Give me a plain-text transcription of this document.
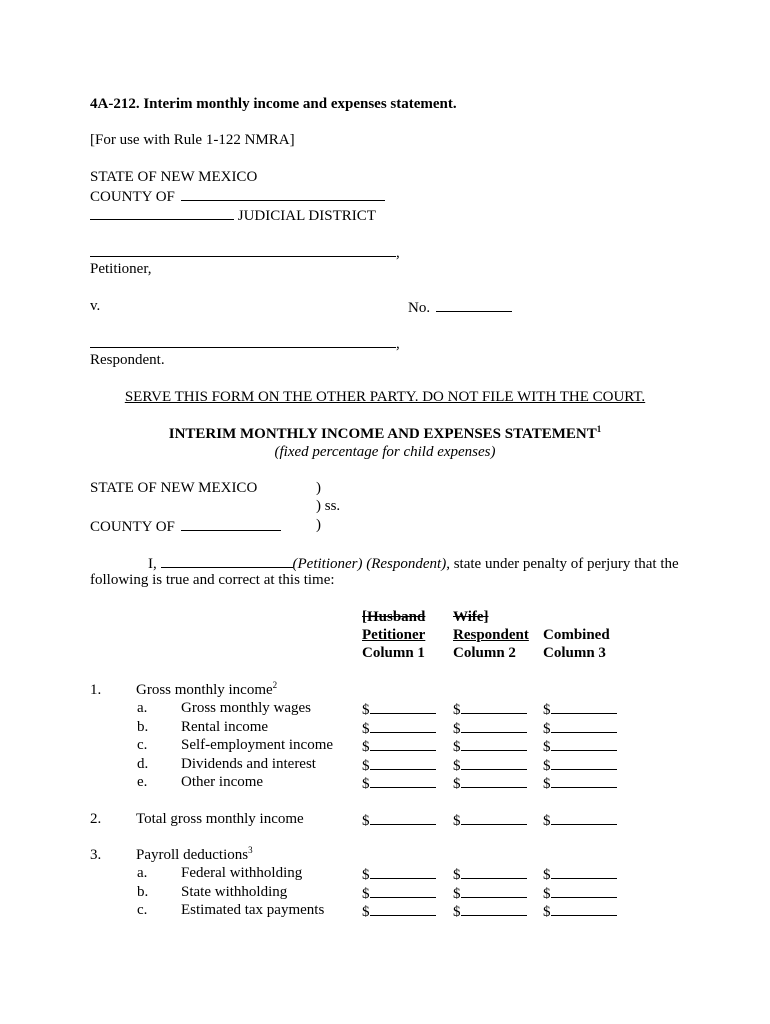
4A-212. Interim monthly income and expenses statement.
[For use with Rule 1-122 NMRA]
STATE OF NEW MEXICO
COUNTY OF
JUDICIAL DISTRICT
,
Petitioner,
v.	No.
,
Respondent.
SERVE THIS FORM ON THE OTHER PARTY. DO NOT FILE WITH THE COURT.
INTERIM MONTHLY INCOME AND EXPENSES STATEMENT$^1$
(fixed percentage for child expenses)
STATE OF NEW MEXICO	)
) ss.
COUNTY OF	)
I,	(Petitioner) (Respondent), state under penalty of perjury that the
following is true and correct at this time:
[Husband Wife]
Petitioner Respondent Combined
Column 1 Column 2 Column 3
1. Gross monthly income$^2$
a. Gross monthly wages	$	$	$
b. Rental income	$	$	$
c. Self-employment income $	$	$
d. Dividends and interest	$	$	$
e. Other income	$	$	$
2. Total gross monthly income	$	$	$
3. Payroll deductions$^3$
a. Federal withholding	$	$	$
b. State withholding	$	$	$
c. Estimated tax payments	$	$	$
